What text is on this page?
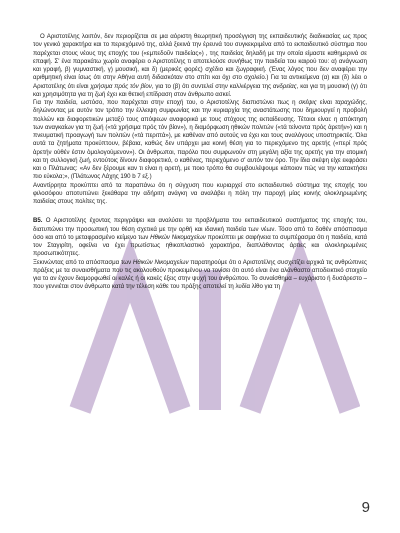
Ο Αριστοτέλης λοιπόν, δεν περιορίζεται σε μια αόριστη θεωρητική προσέγγιση της εκπαιδευτικής διαδικασίας ως προς τον γενικό χαρακτήρα και το περιεχόμενό της, αλλά ξεκινά την έρευνά του συγκεκριμένα από το εκπαιδευτικό σύστημα που παρέχεται στους νέους της εποχής του («εμπεδοῦν παιδείας») , της παιδείας δηλαδή με την οποία είμαστε καθημερινά σε επαφή. Σ' ένα παρακάτω χωρίο αναφέρει ο Αριστοτέλης τι αποτελούσε συνήθως την παιδεία του καιρού του: α) ανάγνωση και γραφή, β) γυμναστική, γ) μουσική, και δ) (μερικές φορές) σχέδιο και ζωγραφική. (Ένας λόγος που δεν αναφέρει την αριθμητική είναι ίσως ότι στην Αθήνα αυτή διδασκόταν στο σπίτι και όχι στο σχολείο.) Για τα αντικείμενα (α) και (δ) λέει ο Αριστοτέλης ότι είναι χρήσιμα πρός τόν βίον, για το (β) ότι συντελεί στην καλλιέργεια της ανδρείας, και για τη μουσική (γ) ότι και χρησιμότητα για τη ζωή έχει και θετική επίδραση στον άνθρωπο ασκεί.

Για την παιδεία, ωστόσο, που παρέχεται στην εποχή του, ο Αριστοτέλης διαπιστώνει πως η σκέψις είναι ταραχώδης, δηλώνοντας με αυτόν τον τρόπο την έλλειψη συμφωνίας και την κυριαρχία της αναστάτωσης που δημιουργεί η προβολή πολλών και διαφορετικών μεταξύ τους απόψεων αναφορικά με τους στόχους της εκπαίδευσης. Τέτοιοι είναι: η απόκτηση των αναγκαίων για τη ζωή («τά χρήσιμα πρός τόν βίον»), η διαμόρφωση ηθικών πολιτών («τά τείνοντα πρός ἀρετήν») και η πνευματική προαγωγή των πολιτών («τά περιττά»), με καθέναν από αυτούς να έχει και τους αναλόγους υποστηρικτές. Όλα αυτά τα ζητήματα προκύπτουν, βέβαια, καθώς δεν υπάρχει μια κοινή θέση για το περιεχόμενο της αρετής («περί πρός ἀρετήν οὐθέν ἐστιν ὁμολογούμενον»). Οι άνθρωποι, παρόλο που συμφωνούν στη μεγάλη αξία της αρετής για την ατομική και τη συλλογική ζωή, εντούτοις δίνουν διαφορετικό, ο καθένας, περιεχόμενο σ' αυτόν τον όρο. Την ίδια σκέψη είχε εκφράσει και ο Πλάτωνας: «Αν δεν ξέρουμε καν τι είναι η αρετή, με ποιο τρόπο θα συμβουλέψουμε κάποιον πώς να την κατακτήσει πιο εύκολα;», (Πλάτωνος Λάχης 190 b 7 εξ.)

Αναντίρρητα προκύπτει από τα παραπάνω ότι η σύγχυση που κυριαρχεί στο εκπαιδευτικό σύστημα της εποχής του φιλοσόφου αποτυπώνει ξεκάθαρα την αδήριτη ανάγκη να αναλάβει η πόλη την παροχή μίας κοινής ολοκληρωμένης παιδείας στους πολίτες της.

Β5. Ο Αριστοτέλης έχοντας περιγράψει και αναλύσει τα προβλήματα του εκπαιδευτικού συστήματος της εποχής του, διατυπώνει την προσωπική του θέση σχετικά με την ορθή και ιδανική παιδεία των νέων. Τόσο από το δοθέν απόσπασμα όσο και από το μεταφρασμένο κείμενο των Ηθικών Νικομαχείων προκύπτει με σαφήνεια το συμπέρασμα ότι η παιδεία, κατά τον Σταγιρίτη, οφείλει να έχει πρωτίστως ηθικοπλαστικό χαρακτήρα, διαπλάθοντας άρτιες και ολοκληρωμένες προσωπικότητες.

Ξεκινώντας από το απόσπασμα των Ηθικών Νικομαχείων παρατηρούμε ότι ο Αριστοτέλης συσχετίζει αρχικά τις ανθρώπινες πράξεις με τα συναισθήματα που τις ακολουθούν προκειμένου να τονίσει ότι αυτό είναι ένα αλάνθαστο αποδεικτικό στοιχείο για το αν έχουν διαμορφωθεί οι καλές ή οι κακές έξεις στην ψυχή του ανθρώπου. Το συναίσθημα – ευχάριστο ή δυσάρεστο – που γεννιέται στον άνθρωπο κατά την τέλεση κάθε του πράξης αποτελεί τη λυδία λίθο για τη

9
